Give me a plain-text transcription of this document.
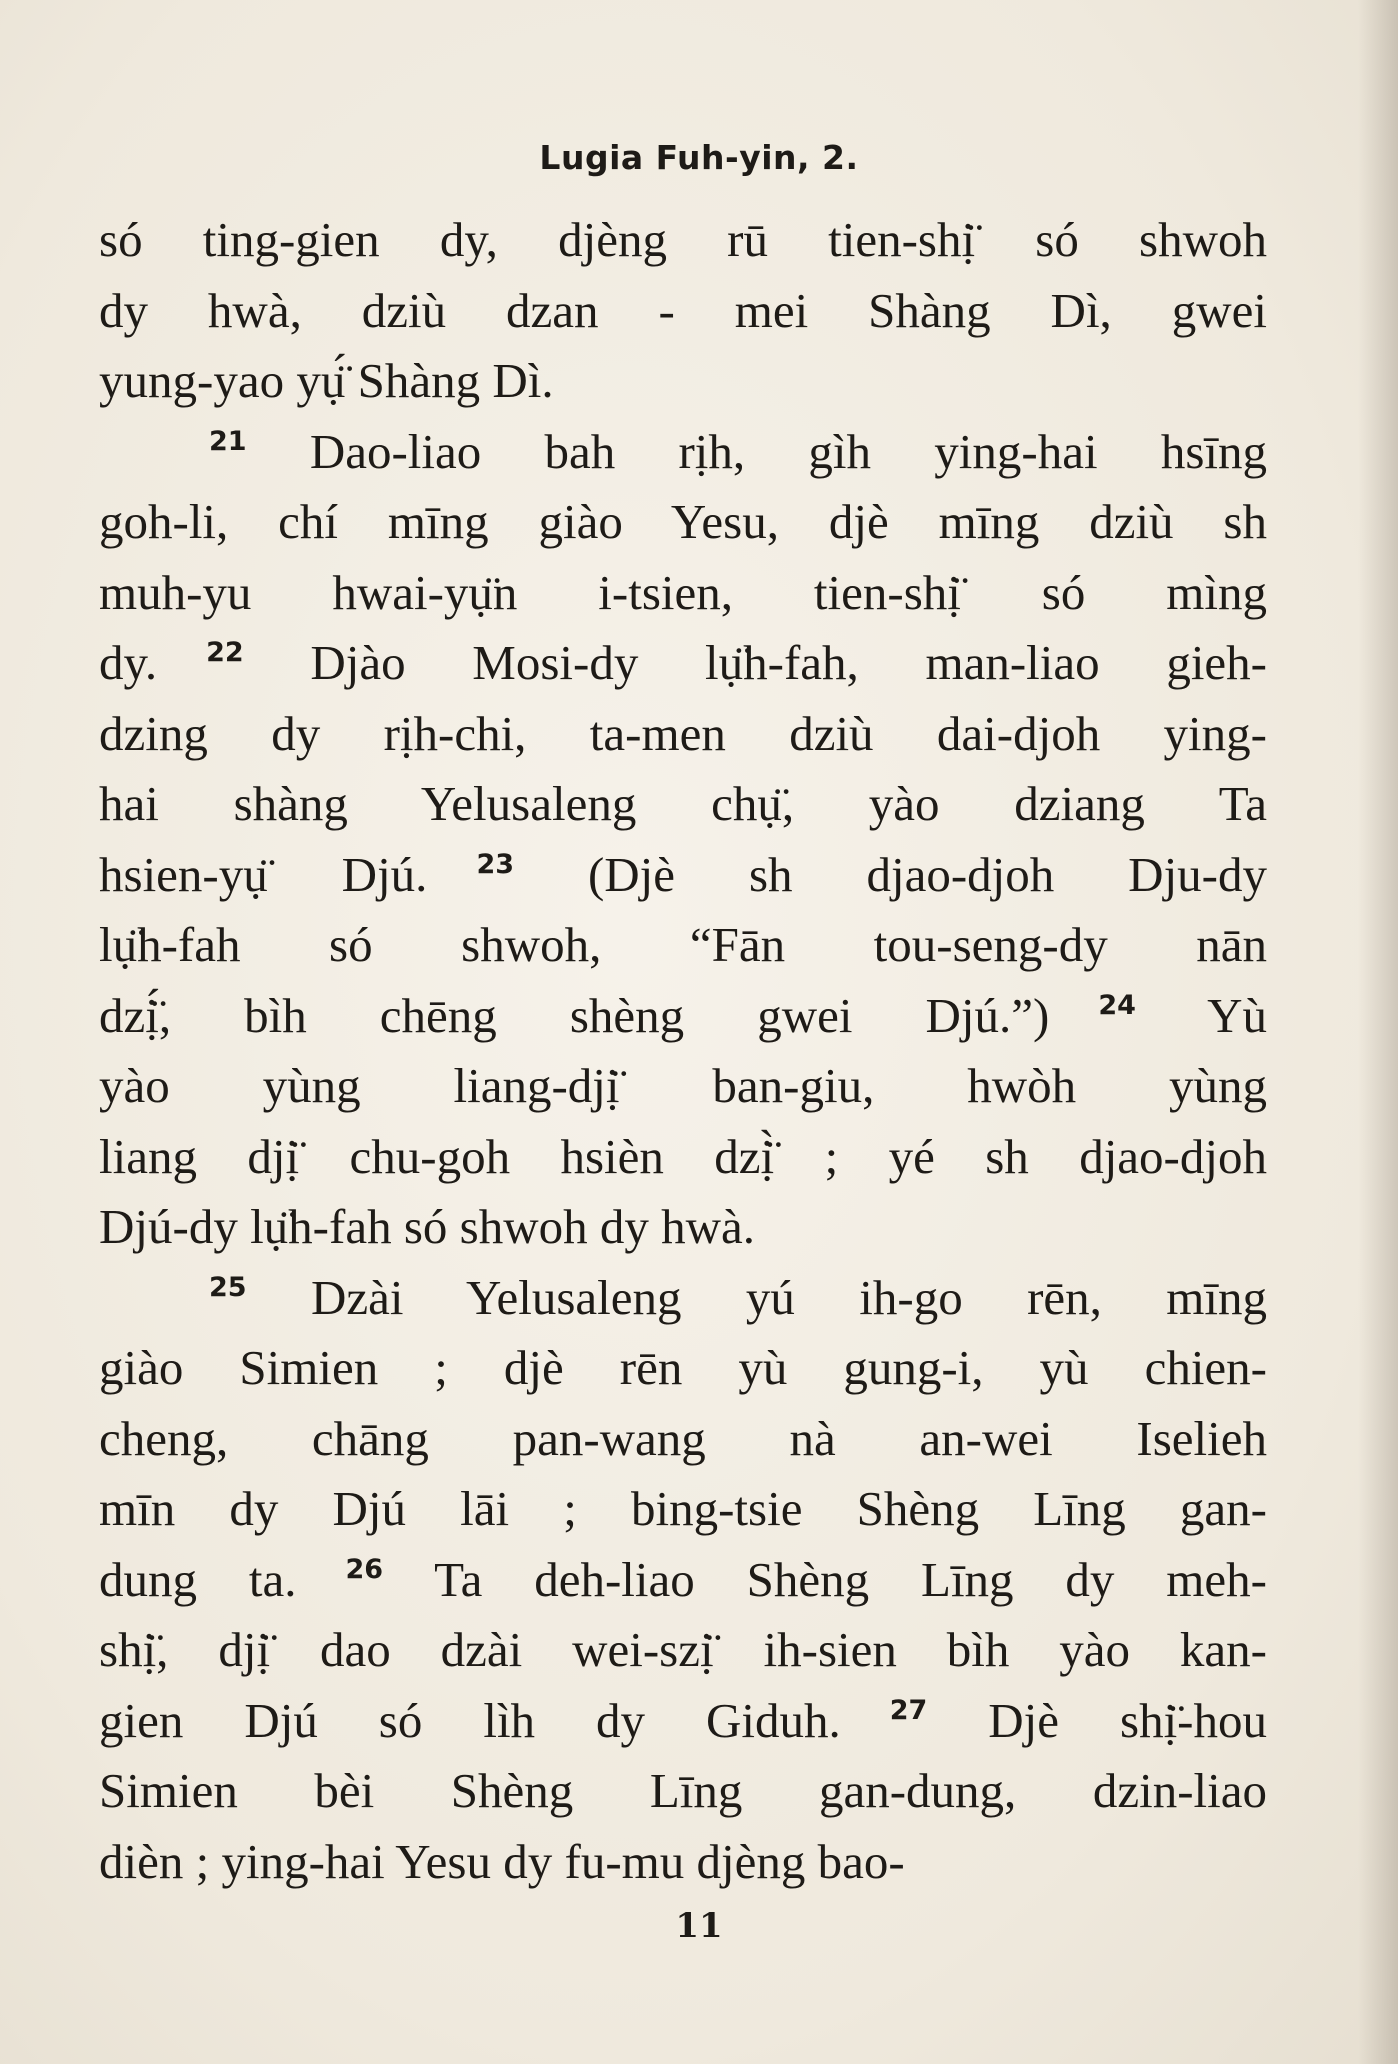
Lugia Fuh-yin, 2.
só ting-gien dy, djèng rū tien-shị̈ só shwoh
dy hwà, dziù dzan - mei Shàng Dì, gwei
yung-yao yụ̈́ Shàng Dì.
$^{21}$ Dao-liao bah rịh, gìh ying-hai hsīng
goh-li, chí mīng giào Yesu, djè mīng dziù sh
muh-yu hwai-yụ̈n i-tsien, tien-shị̈ só mìng
dy.  $^{22}$ Djào Mosi-dy lụ̈h-fah, man-liao gieh-
dzing dy rịh-chi, ta-men dziù dai-djoh ying-
hai shàng Yelusaleng chụ̈, yào dziang Ta
hsien-yụ̈ Djú.  $^{23}$ (Djè sh djao-djoh Dju-dy
lụ̈h-fah só shwoh, “Fān tou-seng-dy nān
dzị̈́, bìh chēng shèng gwei Djú.”)  $^{24}$ Yù
yào yùng liang-djị̈ ban-giu, hwòh yùng
liang djị̈ chu-goh hsièn dzị̈̀ ; yé sh djao-djoh
Djú-dy lụ̈h-fah só shwoh dy hwà.
$^{25}$ Dzài Yelusaleng yú ih-go rēn, mīng
giào Simien ; djè rēn yù gung-i, yù chien-
cheng, chāng pan-wang nà an-wei Iselieh
mīn dy Djú lāi ; bing-tsie Shèng Līng gan-
dung ta.  $^{26}$ Ta deh-liao Shèng Līng dy meh-
shị̈, djị̈ dao dzài wei-szị̈ ih-sien bìh yào kan-
gien Djú só lìh dy Giduh.  $^{27}$ Djè shị̈-hou
Simien bèi Shèng Līng gan-dung, dzin-liao
dièn ; ying-hai Yesu dy fu-mu djèng bao-
11
